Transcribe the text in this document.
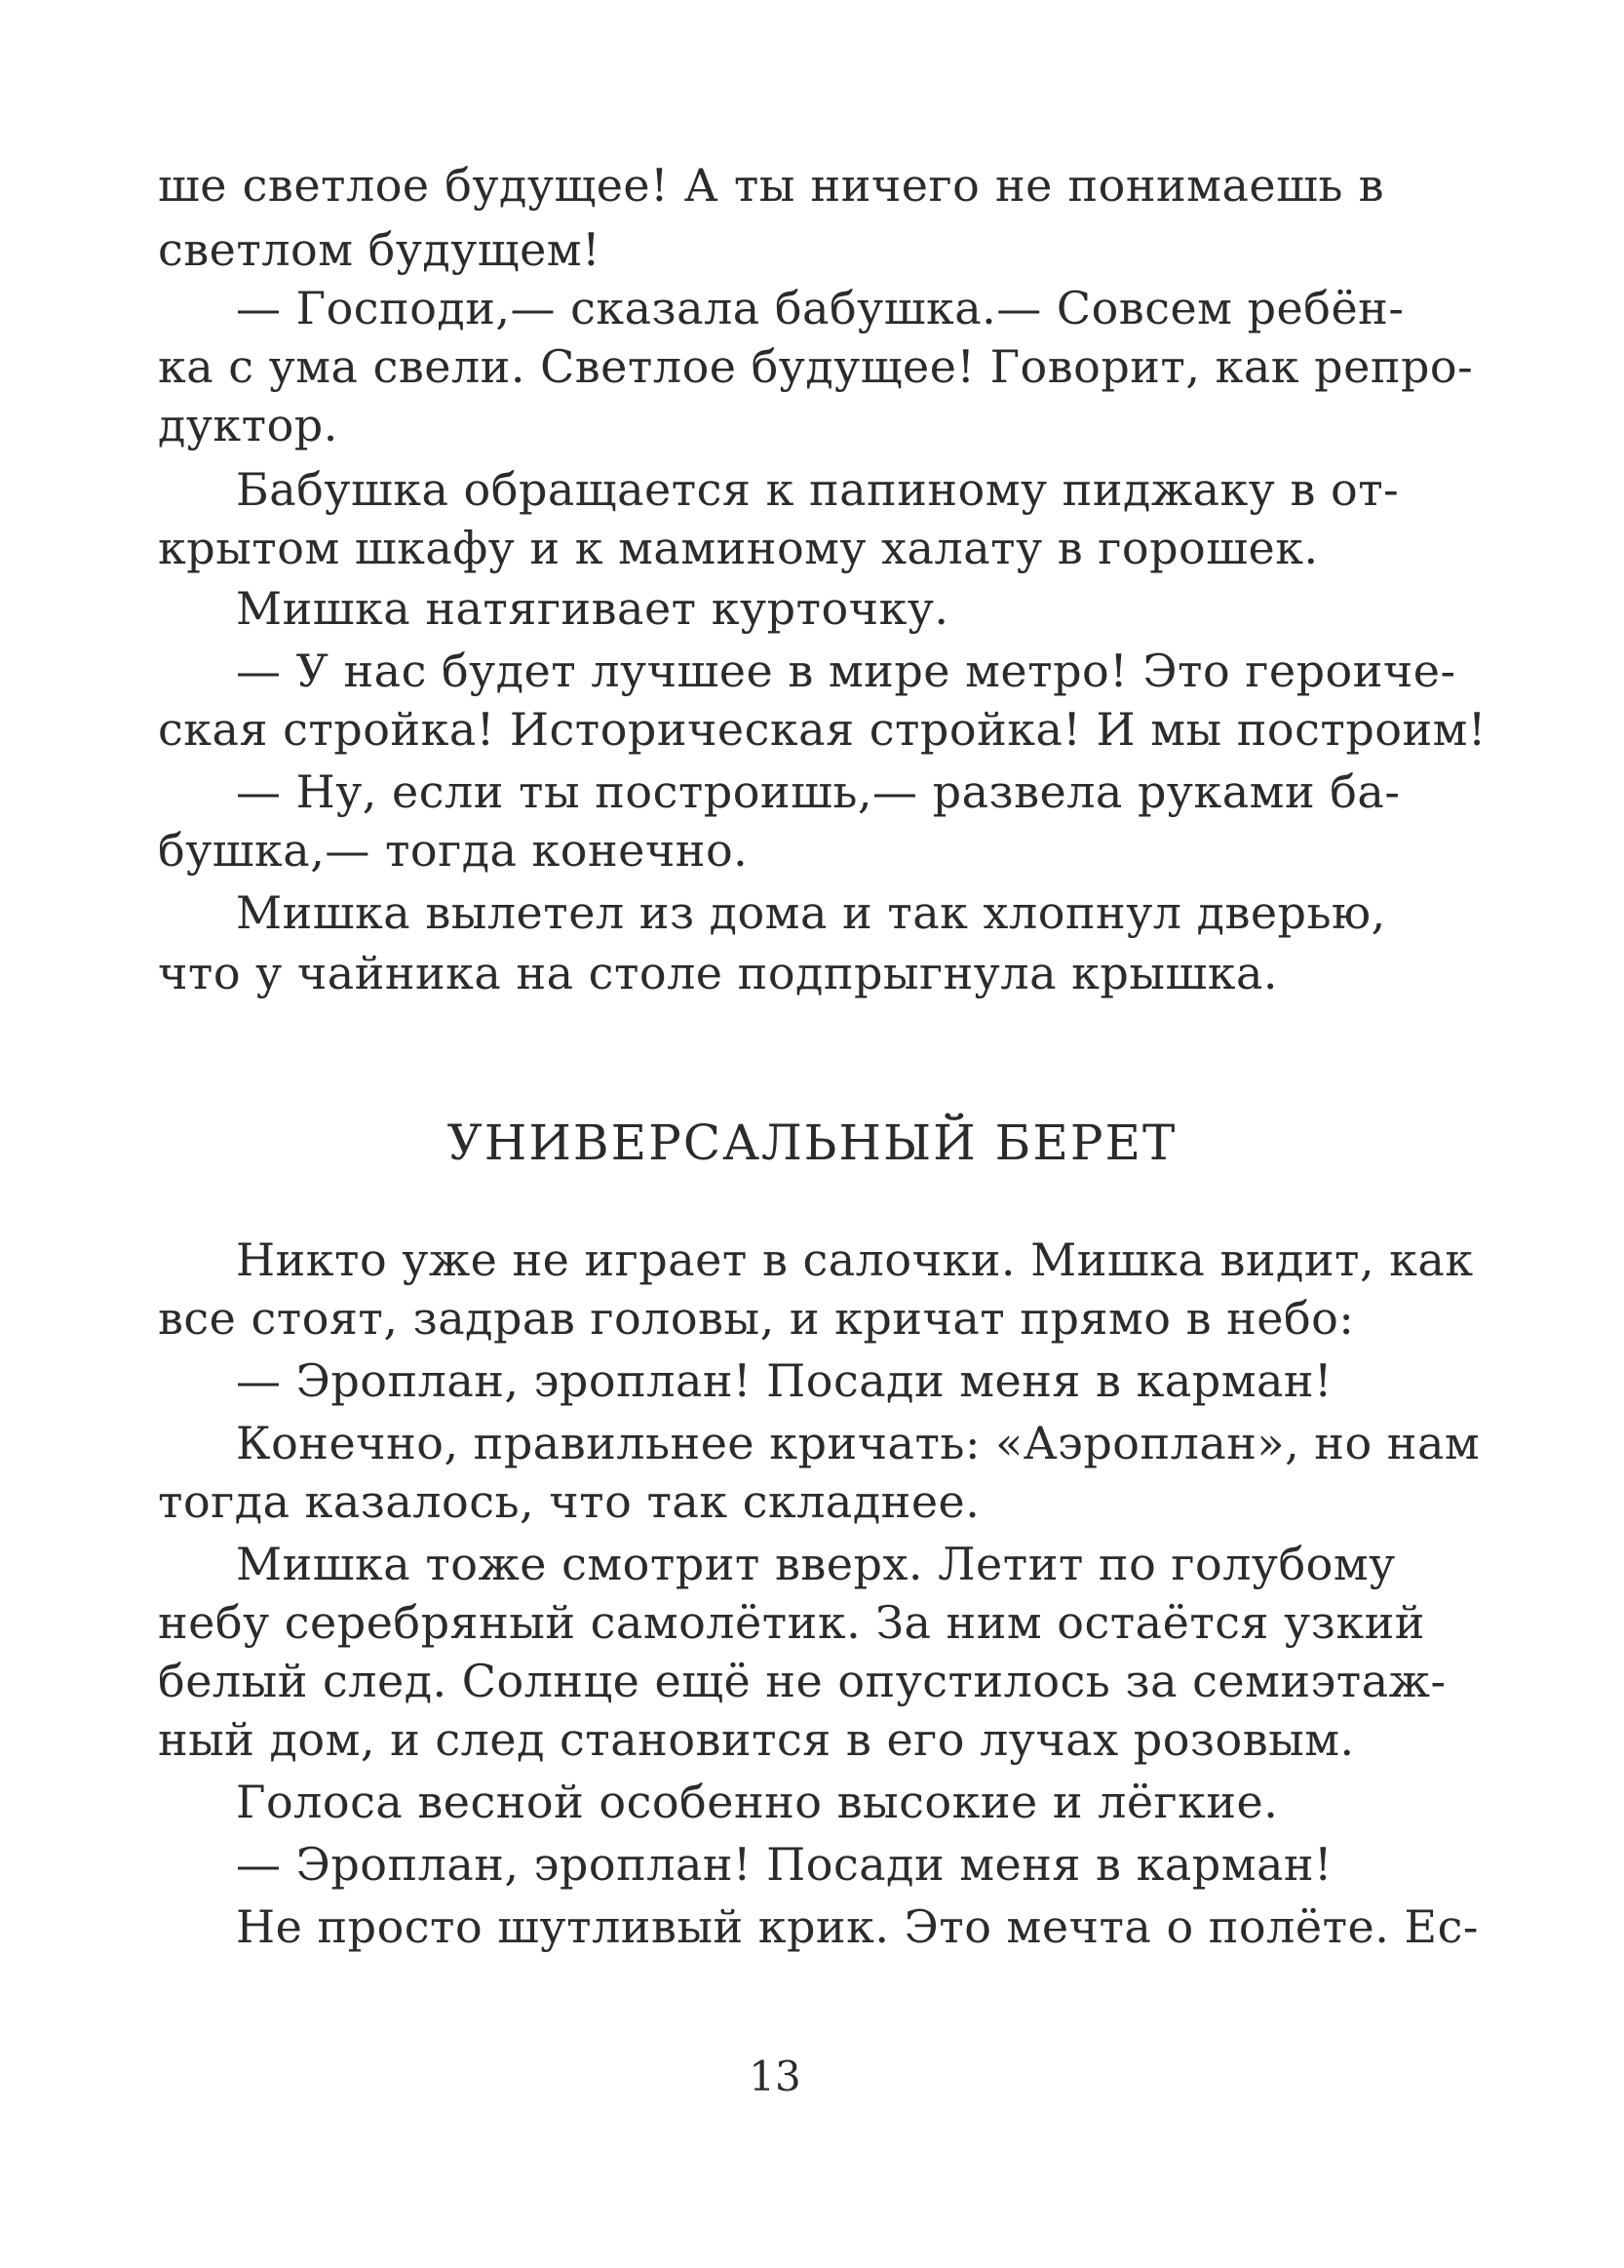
ше светлое будущее! А ты ничего не понимаешь в
светлом будущем!
— Господи,— сказала бабушка.— Совсем ребён-
ка с ума свели. Светлое будущее! Говорит, как репро-
дуктор.
Бабушка обращается к папиному пиджаку в от-
крытом шкафу и к маминому халату в горошек.
Мишка натягивает курточку.
— У нас будет лучшее в мире метро! Это героиче-
ская стройка! Историческая стройка! И мы построим!
— Ну, если ты построишь,— развела руками ба-
бушка,— тогда конечно.
Мишка вылетел из дома и так хлопнул дверью,
что у чайника на столе подпрыгнула крышка.
УНИВЕРСАЛЬНЫЙ БЕРЕТ
Никто уже не играет в салочки. Мишка видит, как
все стоят, задрав головы, и кричат прямо в небо:
— Эроплан, эроплан! Посади меня в карман!
Конечно, правильнее кричать: «Аэроплан», но нам
тогда казалось, что так складнее.
Мишка тоже смотрит вверх. Летит по голубому
небу серебряный самолётик. За ним остаётся узкий
белый след. Солнце ещё не опустилось за семиэтаж-
ный дом, и след становится в его лучах розовым.
Голоса весной особенно высокие и лёгкие.
— Эроплан, эроплан! Посади меня в карман!
Не просто шутливый крик. Это мечта о полёте. Ес-
13
